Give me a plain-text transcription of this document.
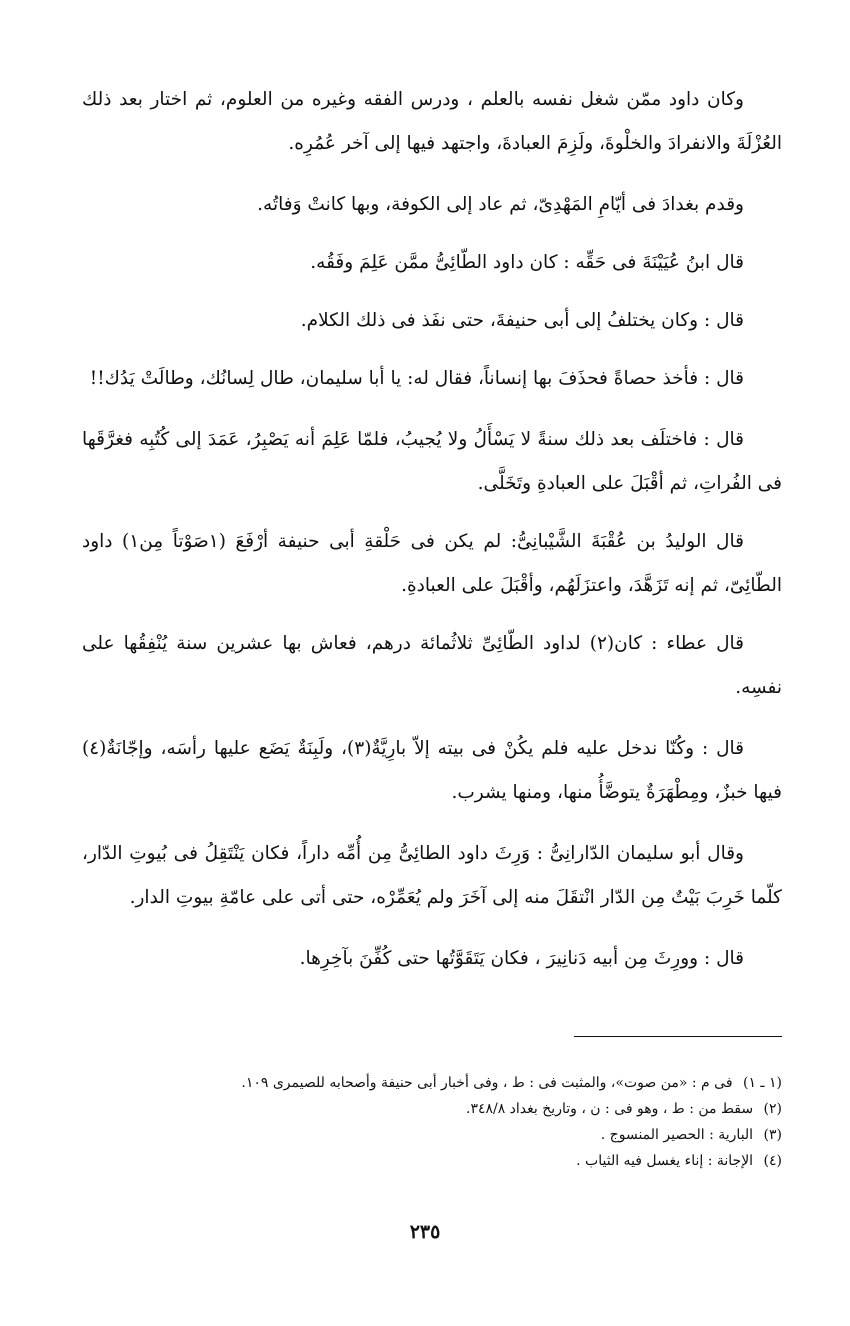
وكان داود ممّن شغل نفسه بالعلم ، ودرس الفقه وغيره من العلوم، ثم اختار بعد ذلك العُزْلَةَ والانفرادَ والخلْوةَ، ولَزِمَ العبادةَ، واجتهد فيها إلى آخر عُمُرِه.

وقدم بغدادَ فى أيّامِ المَهْدِىّ، ثم عاد إلى الكوفة، وبها كانتْ وَفاتُه.

قال ابنُ عُيَيْنَةَ فى حَقِّه : كان داود الطّائِىُّ ممَّن عَلِمَ وفَقُه.

قال : وكان يختلفُ إلى أبى حنيفةَ، حتى نفَذ فى ذلك الكلام.

قال : فأخذ حصاةً فحذَفَ بها إنساناً، فقال له: يا أبا سليمان، طال لِسانُك، وطالَتْ يَدُك!!

قال : فاختلَف بعد ذلك سنةً لا يَسْأَلُ ولا يُجيبُ، فلمّا عَلِمَ أنه يَصْبِرُ، عَمَدَ إلى كُتُبِه فغرَّقَها فى الفُراتِ، ثم أقْبَلَ على العبادةِ وتَخَلَّى.

قال الوليدُ بن عُقْبَةَ الشَّيْبانِىُّ: لم يكن فى حَلْقةِ أبى حنيفة أرْفَعَ (١صَوْتاً مِن١) داود الطّائِىّ، ثم إنه تَزَهَّدَ، واعتزَلَهُم، وأقْبَلَ على العبادةِ.

قال عطاء : كان(٢) لداود الطّائِىِّ ثلاثُمائة درهم، فعاش بها عشرين سنة يُنْفِقُها على نفسِه.

قال : وكُنّا ندخل عليه فلم يكُنْ فى بيته إلاّ بارِيَّةٌ(٣)، ولَبِنَةٌ يَضَع عليها رأسَه، وإجّانَةٌ(٤) فيها خبزٌ، ومِطْهَرَةٌ يتوضَّأُ منها، ومنها يشرب.

وقال أبو سليمان الدّارانِىُّ : وَرِثَ داود الطائِىُّ مِن أُمِّه داراً، فكان يَنْتَقِلُ فى بُيوتِ الدّار، كلّما خَرِبَ بَيْتٌ مِن الدّار انْتقَلَ منه إلى آخَرَ ولم يُعَمِّرْه، حتى أتى على عامّةِ بيوتِ الدار.

قال : وورِثَ مِن أبيه دَنانِيرَ ، فكان يَتَقَوَّتُها حتى كُفِّنَ بآخِرِها.

(١ ـ ١) فى م : «من صوت»، والمثبت فى : ط ، وفى أخبار أبى حنيفة وأصحابه للصيمرى ١٠٩.
(٢) سقط من : ط ، وهو فى : ن ، وتاريخ بغداد ٣٤٨/٨.
(٣) البارية : الحصير المنسوج .
(٤) الإجانة : إناء يغسل فيه الثياب .
٢٣٥
